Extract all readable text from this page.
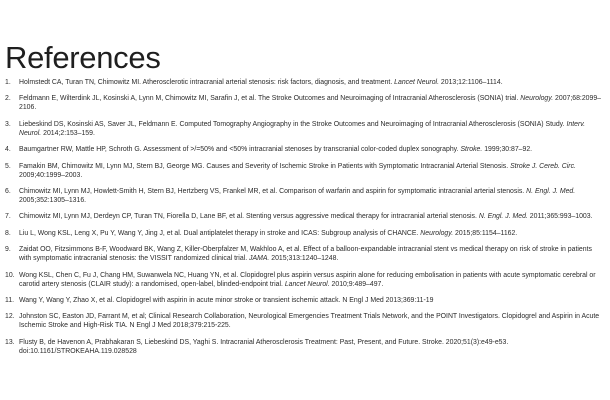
References
1. Holmstedt CA, Turan TN, Chimowitz MI. Atherosclerotic intracranial arterial stenosis: risk factors, diagnosis, and treatment. Lancet Neurol. 2013;12:1106–1114.
2. Feldmann E, Wilterdink JL, Kosinski A, Lynn M, Chimowitz MI, Sarafin J, et al. The Stroke Outcomes and Neuroimaging of Intracranial Atherosclerosis (SONIA) trial. Neurology. 2007;68:2099–2106.
3. Liebeskind DS, Kosinski AS, Saver JL, Feldmann E. Computed Tomography Angiography in the Stroke Outcomes and Neuroimaging of Intracranial Atherosclerosis (SONIA) Study. Interv. Neurol. 2014;2:153–159.
4. Baumgartner RW, Mattle HP, Schroth G. Assessment of >/=50% and <50% intracranial stenoses by transcranial color-coded duplex sonography. Stroke. 1999;30:87–92.
5. Famakin BM, Chimowitz MI, Lynn MJ, Stern BJ, George MG. Causes and Severity of Ischemic Stroke in Patients with Symptomatic Intracranial Arterial Stenosis. Stroke J. Cereb. Circ. 2009;40:1999–2003.
6. Chimowitz MI, Lynn MJ, Howlett-Smith H, Stern BJ, Hertzberg VS, Frankel MR, et al. Comparison of warfarin and aspirin for symptomatic intracranial arterial stenosis. N. Engl. J. Med. 2005;352:1305–1316.
7. Chimowitz MI, Lynn MJ, Derdeyn CP, Turan TN, Fiorella D, Lane BF, et al. Stenting versus aggressive medical therapy for intracranial arterial stenosis. N. Engl. J. Med. 2011;365:993–1003.
8. Liu L, Wong KSL, Leng X, Pu Y, Wang Y, Jing J, et al. Dual antiplatelet therapy in stroke and ICAS: Subgroup analysis of CHANCE. Neurology. 2015;85:1154–1162.
9. Zaidat OO, Fitzsimmons B-F, Woodward BK, Wang Z, Killer-Oberpfalzer M, Wakhloo A, et al. Effect of a balloon-expandable intracranial stent vs medical therapy on risk of stroke in patients with symptomatic intracranial stenosis: the VISSIT randomized clinical trial. JAMA. 2015;313:1240–1248.
10. Wong KSL, Chen C, Fu J, Chang HM, Suwanwela NC, Huang YN, et al. Clopidogrel plus aspirin versus aspirin alone for reducing embolisation in patients with acute symptomatic cerebral or carotid artery stenosis (CLAIR study): a randomised, open-label, blinded-endpoint trial. Lancet Neurol. 2010;9:489–497.
11. Wang Y, Wang Y, Zhao X, et al. Clopidogrel with aspirin in acute minor stroke or transient ischemic attack. N Engl J Med 2013;369:11-19
12. Johnston SC, Easton JD, Farrant M, et al; Clinical Research Collaboration, Neurological Emergencies Treatment Trials Network, and the POINT Investigators. Clopidogrel and Aspirin in Acute Ischemic Stroke and High-Risk TIA. N Engl J Med 2018;379:215-225.
13. Flusty B, de Havenon A, Prabhakaran S, Liebeskind DS, Yaghi S. Intracranial Atherosclerosis Treatment: Past, Present, and Future. Stroke. 2020;51(3):e49-e53. doi:10.1161/STROKEAHA.119.028528
